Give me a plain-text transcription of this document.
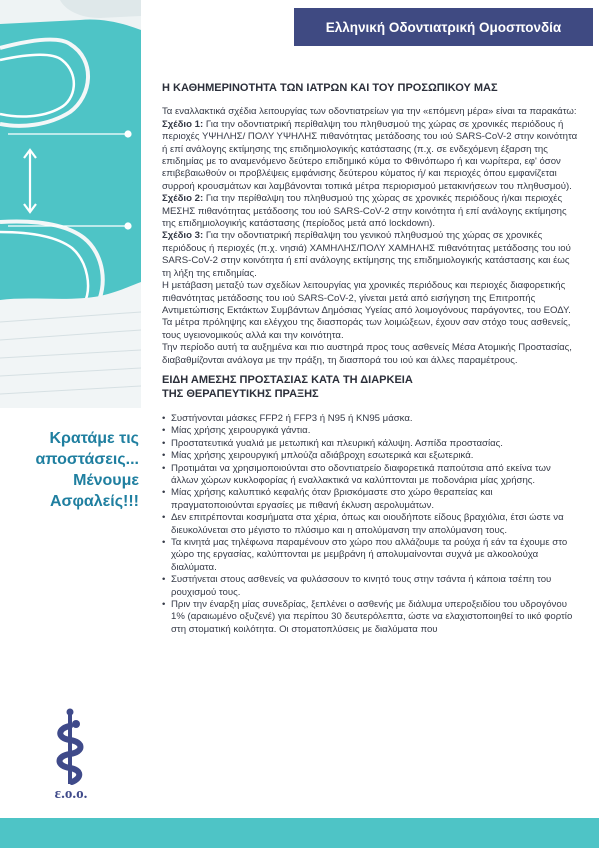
Κρατάμε τις
αποστάσεις...
Μένουμε
Ασφαλείς!!!
ε.ο.ο.
Ελληνική Οδοντιατρική Ομοσπονδία

Η ΚΑΘΗΜΕΡΙΝΟΤΗΤΑ ΤΩΝ ΙΑΤΡΩΝ ΚΑΙ ΤΟΥ ΠΡΟΣΩΠΙΚΟΥ ΜΑΣ

Τα εναλλακτικά σχέδια λειτουργίας των οδοντιατρείων για την «επόμενη μέρα» είναι τα παρακάτω:

Σχέδιο 1: Για την οδοντιατρική περίθαλψη του πληθυσμού της χώρας σε χρονικές περιόδους ή περιοχές ΥΨΗΛΗΣ/ ΠΟΛΥ ΥΨΗΛΗΣ πιθανότητας μετάδοσης του ιού SARS-CoV-2 στην κοινότητα ή επί ανάλογης εκτίμησης της επιδημιολογικής κατάστασης (π.χ. σε ενδεχόμενη έξαρση της επιδημίας με το αναμενόμενο δεύτερο επιδημικό κύμα το Φθινόπωρο ή και νωρίτερα, εφ' όσον επιβεβαιωθούν οι προβλέψεις εμφάνισης δεύτερου κύματος ή/ και περιοχές όπου εμφανίζεται συρροή κρουσμάτων και λαμβάνονται τοπικά μέτρα περιορισμού μετακινήσεων του πληθυσμού).

Σχέδιο 2: Για την περίθαλψη του πληθυσμού της χώρας σε χρονικές περιόδους ή/και περιοχές ΜΕΣΗΣ πιθανότητας μετάδοσης του ιού SARS-CoV-2 στην κοινότητα ή επί ανάλογης εκτίμησης της επιδημιολογικής κατάστασης (περίοδος μετά από lockdown).

Σχέδιο 3: Για την οδοντιατρική περίθαλψη του γενικού πληθυσμού της χώρας σε χρονικές περιόδους ή περιοχές (π.χ. νησιά) ΧΑΜΗΛΗΣ/ΠΟΛΥ ΧΑΜΗΛΗΣ πιθανότητας μετάδοσης του ιού SARS-CoV-2 στην κοινότητα ή επί ανάλογης εκτίμησης της επιδημιολογικής κατάστασης και έως τη λήξη της επιδημίας.

Η μετάβαση μεταξύ των σχεδίων λειτουργίας για χρονικές περιόδους και περιοχές διαφορετικής πιθανότητας μετάδοσης του ιού SARS-CoV-2, γίνεται μετά από εισήγηση της Επιτροπής Αντιμετώπισης Εκτάκτων Συμβάντων Δημόσιας Υγείας από λοιμογόνους παράγοντες, του ΕΟΔΥ.

Τα μέτρα πρόληψης και ελέγχου της διασποράς των λοιμώξεων, έχουν σαν στόχο τους ασθενείς, τους υγειονομικούς αλλά και την κοινότητα.

Την περίοδο αυτή τα αυξημένα και πιο αυστηρά προς τους ασθενείς Μέσα Ατομικής Προστασίας, διαβαθμίζονται ανάλογα με την πράξη, τη διασπορά του ιού και άλλες παραμέτρους.

ΕΙΔΗ ΑΜΕΣΗΣ ΠΡΟΣΤΑΣΙΑΣ ΚΑΤΑ ΤΗ ΔΙΑΡΚΕΙΑ
ΤΗΣ ΘΕΡΑΠΕΥΤΙΚΗΣ ΠΡΑΞΗΣ

• Συστήνονται μάσκες FFP2 ή FFP3 ή N95 ή KN95 μάσκα.
• Μίας χρήσης χειρουργικά γάντια.
• Προστατευτικά γυαλιά με μετωπική και πλευρική κάλυψη. Ασπίδα προστασίας.
• Μίας χρήσης χειρουργική μπλούζα αδιάβροχη εσωτερικά και εξωτερικά.
• Προτιμάται να χρησιμοποιούνται στο οδοντιατρείο διαφορετικά παπούτσια από εκείνα των άλλων χώρων κυκλοφορίας ή εναλλακτικά να καλύπτονται με ποδονάρια μίας χρήσης.
• Μίας χρήσης καλυπτικό κεφαλής όταν βρισκόμαστε στο χώρο θεραπείας και πραγματοποιούνται εργασίες με πιθανή έκλυση αερολυμάτων.
• Δεν επιτρέπονται κοσμήματα στα χέρια, όπως και οιουδήποτε είδους βραχιόλια, έτσι ώστε να διευκολύνεται στο μέγιστο το πλύσιμο και η απολύμανση την απολύμανση τους.
• Τα κινητά μας τηλέφωνα παραμένουν στο χώρο που αλλάζουμε τα ρούχα ή εάν τα έχουμε στο χώρο της εργασίας, καλύπτονται με μεμβράνη ή απολυμαίνονται συχνά με αλκοολούχα διαλύματα.
• Συστήνεται στους ασθενείς να φυλάσσουν το κινητό τους στην τσάντα ή κάποια τσέπη του ρουχισμού τους.
• Πριν την έναρξη μίας συνεδρίας, ξεπλένει ο ασθενής με διάλυμα υπεροξειδίου του υδρογόνου 1% (αραιωμένο οξυζενέ) για περίπου 30 δευτερόλεπτα, ώστε να ελαχιστοποιηθεί το ιικό φορτίο στη στοματική κοιλότητα. Οι στοματοπλύσεις με διαλύματα που
